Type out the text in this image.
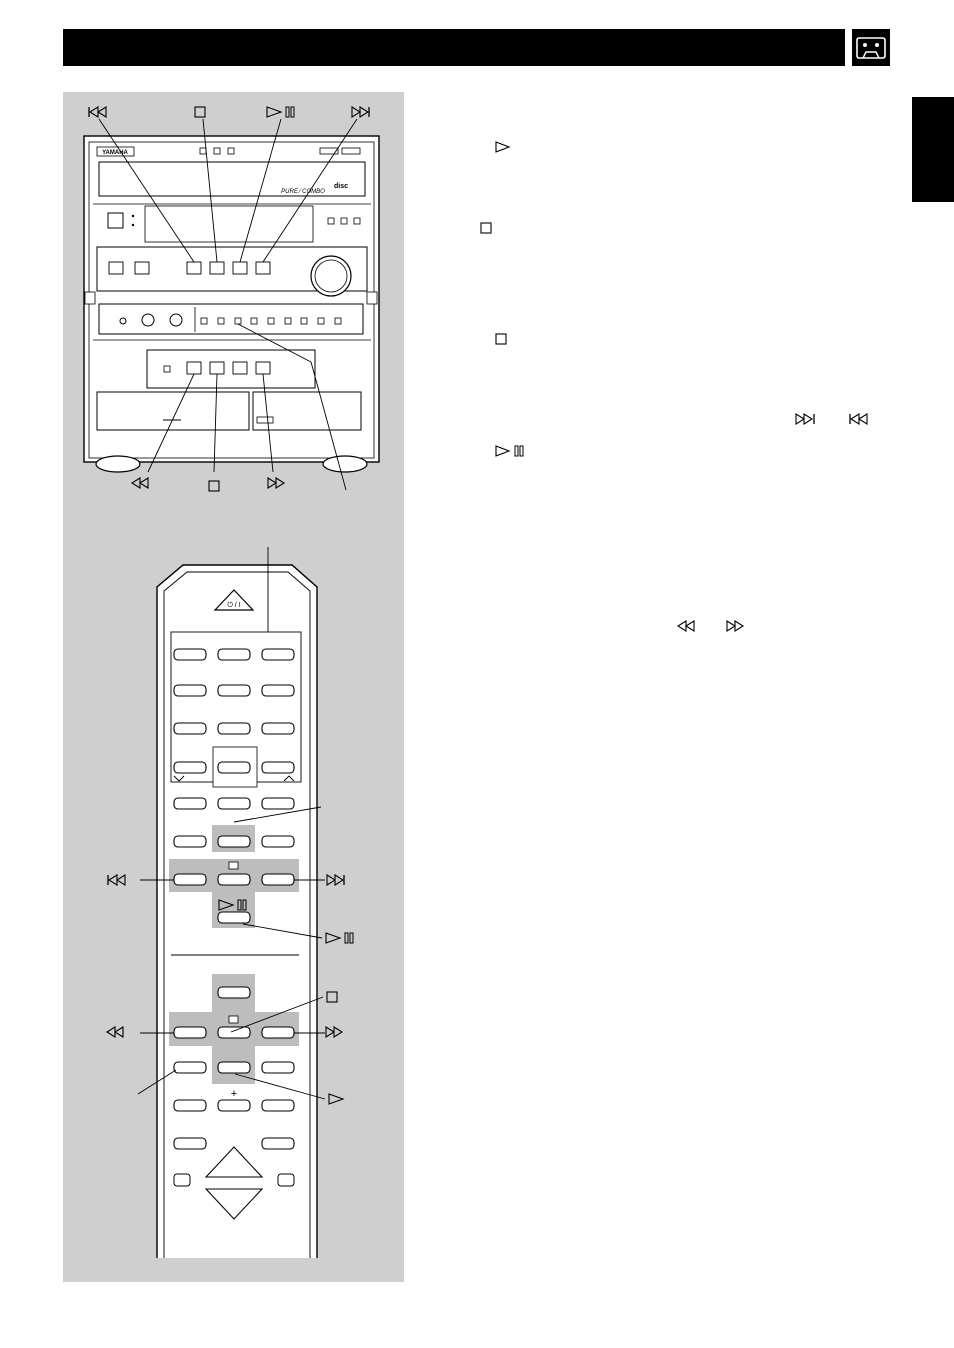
YAMAHA
PURE ⁄ COMBO
disc
⏻ / I
+
